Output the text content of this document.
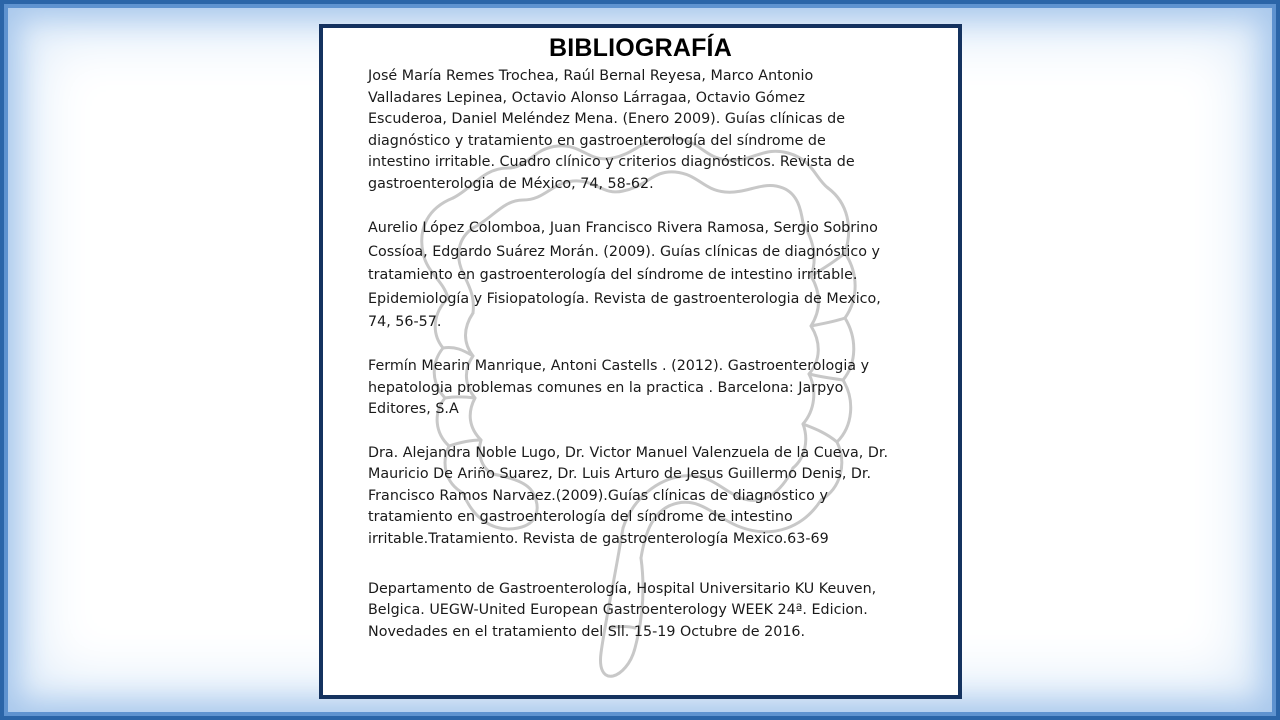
BIBLIOGRAFÍA

José María Remes Trochea, Raúl Bernal Reyesa, Marco Antonio Valladares Lepinea, Octavio Alonso Lárragaa, Octavio Gómez Escuderoa, Daniel Meléndez Mena. (Enero 2009). Guías clínicas de diagnóstico y tratamiento en gastroenterología del síndrome de intestino irritable. Cuadro clínico y criterios diagnósticos. Revista de gastroenterologia de México, 74, 58-62.

Aurelio López Colomboa, Juan Francisco Rivera Ramosa, Sergio Sobrino Cossíoa, Edgardo Suárez Morán. (2009). Guías clínicas de diagnóstico y tratamiento en gastroenterología del síndrome de intestino irritable. Epidemiología y Fisiopatología. Revista de gastroenterologia de Mexico, 74, 56-57.

Fermín Mearin Manrique, Antoni Castells . (2012). Gastroenterologia y hepatologia problemas comunes en la practica . Barcelona: Jarpyo Editores, S.A

Dra. Alejandra Noble Lugo, Dr. Victor Manuel Valenzuela de la Cueva, Dr. Mauricio De Ariño Suarez, Dr. Luis Arturo de Jesus Guillermo Denis, Dr. Francisco Ramos Narvaez.(2009).Guías clínicas de diagnostico y tratamiento en gastroenterología del síndrome de intestino irritable.Tratamiento. Revista de gastroenterología Mexico.63-69

Departamento de Gastroenterología, Hospital Universitario KU Keuven, Belgica. UEGW-United European Gastroenterology WEEK 24ª. Edicion. Novedades en el tratamiento del Sll. 15-19 Octubre de 2016.
